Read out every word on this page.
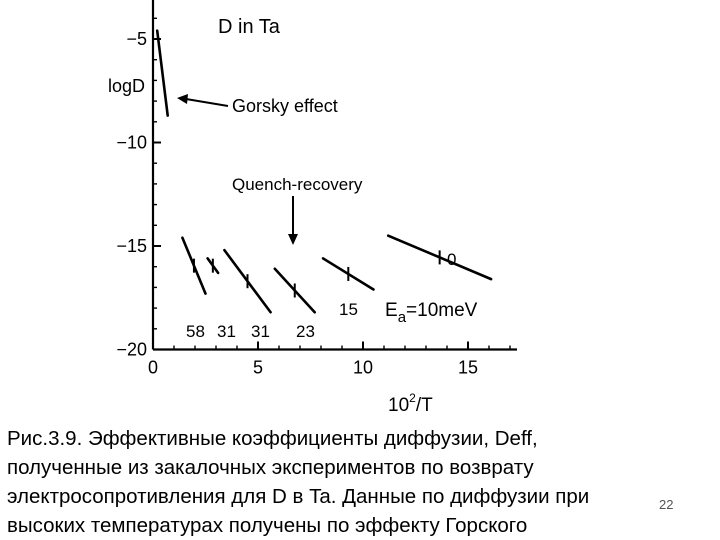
−5
−10
−15
−20
0	5	10	15
D in Ta
logD
$10^2/T$
Gorsky effect
Quench-recovery
$E_a=10meV$
58 31 31 23
15
0
Рис.3.9. Эффективные коэффициенты диффузии, Deff,
полученные из закалочных экспериментов по возврату
электросопротивления для D в Ta. Данные по диффузии при
высоких температурах получены по эффекту Горского
22
